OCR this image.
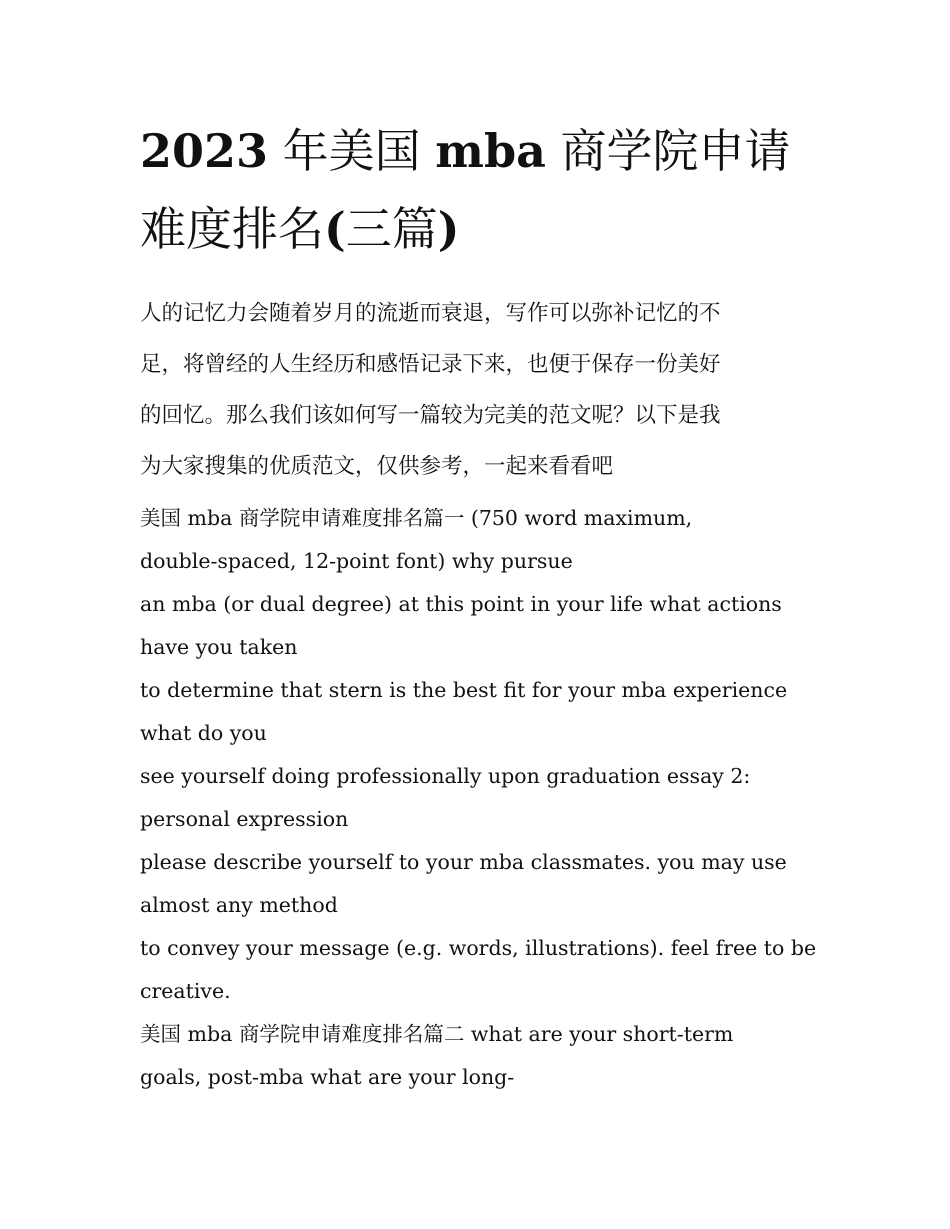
2023 年美国 mba 商学院申请
难度排名(三篇)
人的记忆力会随着岁月的流逝而衰退，写作可以弥补记忆的不
足，将曾经的人生经历和感悟记录下来，也便于保存一份美好
的回忆。那么我们该如何写一篇较为完美的范文呢？以下是我
为大家搜集的优质范文，仅供参考，一起来看看吧
美国 mba 商学院申请难度排名篇一 (750 word maximum,
double-spaced, 12-point font) why pursue
an mba (or dual degree) at this point in your life what actions
have you taken
to determine that stern is the best fit for your mba experience
what do you
see yourself doing professionally upon graduation essay 2:
personal expression
please describe yourself to your mba classmates. you may use
almost any method
to convey your message (e.g. words, illustrations). feel free to be
creative.
美国 mba 商学院申请难度排名篇二 what are your short-term
goals, post-mba what are your long-
